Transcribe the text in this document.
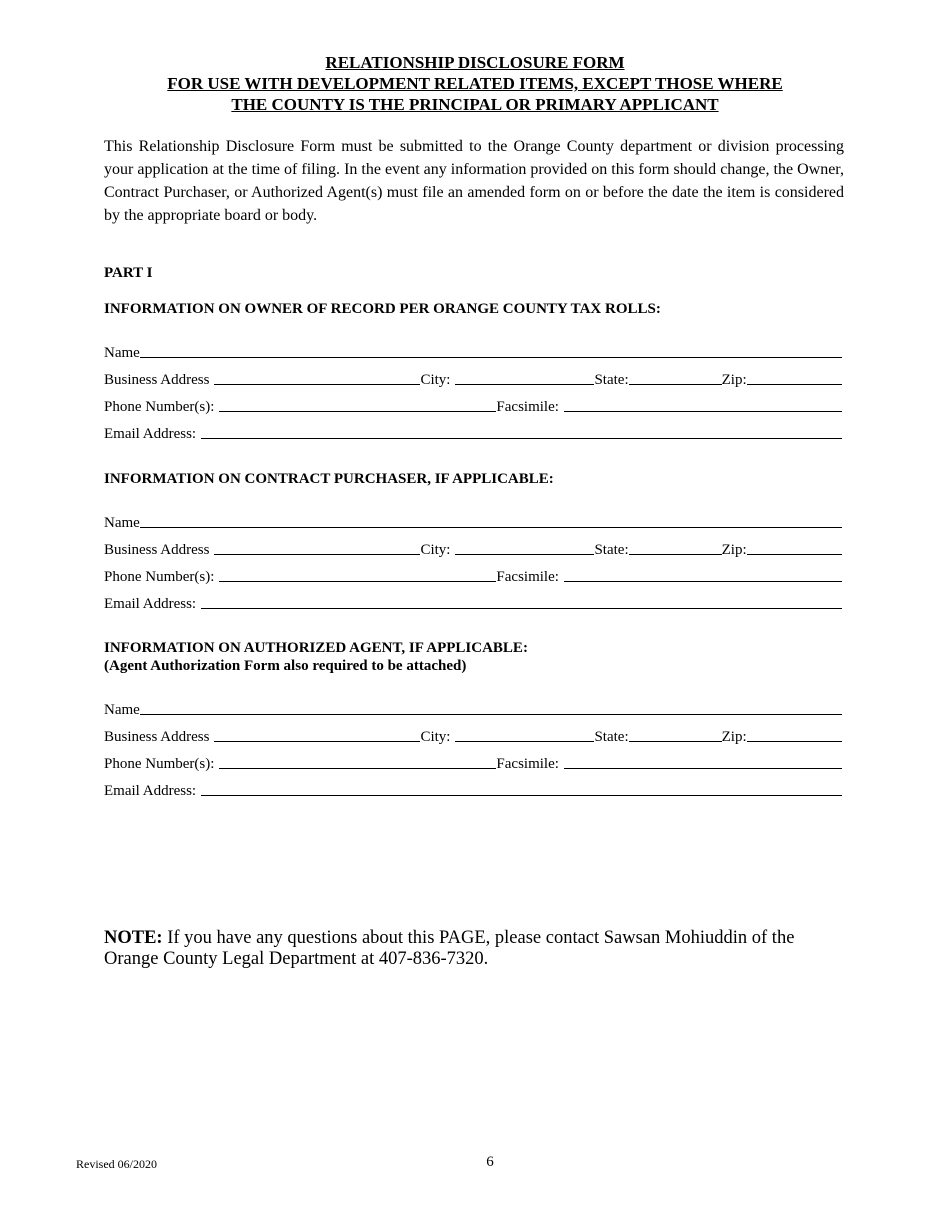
RELATIONSHIP DISCLOSURE FORM
FOR USE WITH DEVELOPMENT RELATED ITEMS, EXCEPT THOSE WHERE
THE COUNTY IS THE PRINCIPAL OR PRIMARY APPLICANT

This Relationship Disclosure Form must be submitted to the Orange County department or division processing your application at the time of filing. In the event any information provided on this form should change, the Owner, Contract Purchaser, or Authorized Agent(s) must file an amended form on or before the date the item is considered by the appropriate board or body.

PART I
INFORMATION ON OWNER OF RECORD PER ORANGE COUNTY TAX ROLLS:
Name
Business Address	City:	State:	Zip:
Phone Number(s):	Facsimile:
Email Address:
INFORMATION ON CONTRACT PURCHASER, IF APPLICABLE:
Name
Business Address	City:	State:	Zip:
Phone Number(s):	Facsimile:
Email Address:
INFORMATION ON AUTHORIZED AGENT, IF APPLICABLE:
(Agent Authorization Form also required to be attached)
Name
Business Address	City:	State:	Zip:
Phone Number(s):	Facsimile:
Email Address:

NOTE: If you have any questions about this PAGE, please contact Sawsan Mohiuddin of the Orange County Legal Department at 407-836-7320.

Revised 06/2020	6
